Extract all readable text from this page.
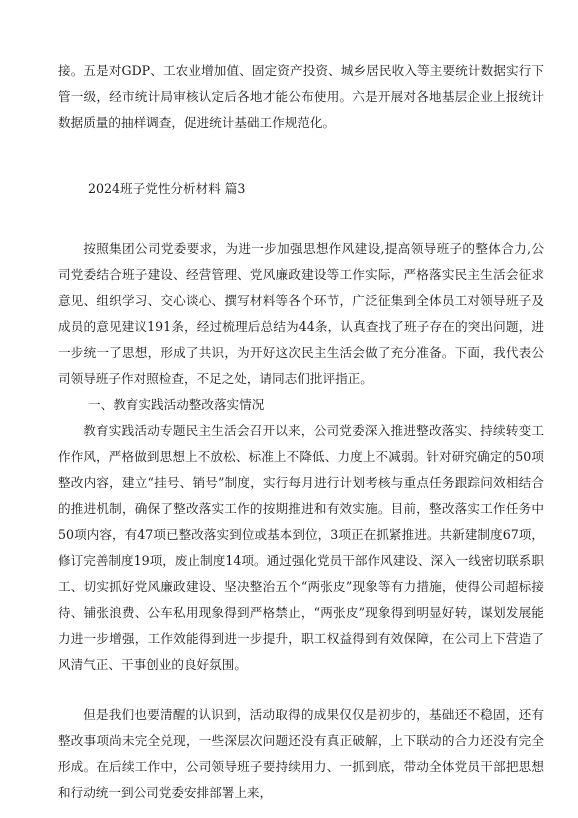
接。五是对GDP、工农业增加值、固定资产投资、城乡居民收入等主要统计数据实行下管一级，经市统计局审核认定后各地才能公布使用。六是开展对各地基层企业上报统计数据质量的抽样调查，促进统计基础工作规范化。

2024班子党性分析材料 篇3

按照集团公司党委要求，为进一步加强思想作风建设,提高领导班子的整体合力,公司党委结合班子建设、经营管理、党风廉政建设等工作实际，严格落实民主生活会征求意见、组织学习、交心谈心、撰写材料等各个环节，广泛征集到全体员工对领导班子及成员的意见建议191条，经过梳理后总结为44条，认真查找了班子存在的突出问题，进一步统一了思想，形成了共识，为开好这次民主生活会做了充分准备。下面，我代表公司领导班子作对照检查，不足之处，请同志们批评指正。

一、教育实践活动整改落实情况

教育实践活动专题民主生活会召开以来，公司党委深入推进整改落实、持续转变工作作风，严格做到思想上不放松、标准上不降低、力度上不减弱。针对研究确定的50项整改内容，建立“挂号、销号”制度，实行每月进行计划考核与重点任务跟踪问效相结合的推进机制，确保了整改落实工作的按期推进和有效实施。目前，整改落实工作任务中50项内容，有47项已整改落实到位或基本到位，3项正在抓紧推进。共新建制度67项，修订完善制度19项，废止制度14项。通过强化党员干部作风建设、深入一线密切联系职工、切实抓好党风廉政建设、坚决整治五个“两张皮”现象等有力措施，使得公司超标接待、铺张浪费、公车私用现象得到严格禁止，“两张皮”现象得到明显好转，谋划发展能力进一步增强，工作效能得到进一步提升，职工权益得到有效保障，在公司上下营造了风清气正、干事创业的良好氛围。

但是我们也要清醒的认识到，活动取得的成果仅仅是初步的，基础还不稳固，还有整改事项尚未完全兑现，一些深层次问题还没有真正破解，上下联动的合力还没有完全形成。在后续工作中，公司领导班子要持续用力、一抓到底，带动全体党员干部把思想和行动统一到公司党委安排部署上来，
